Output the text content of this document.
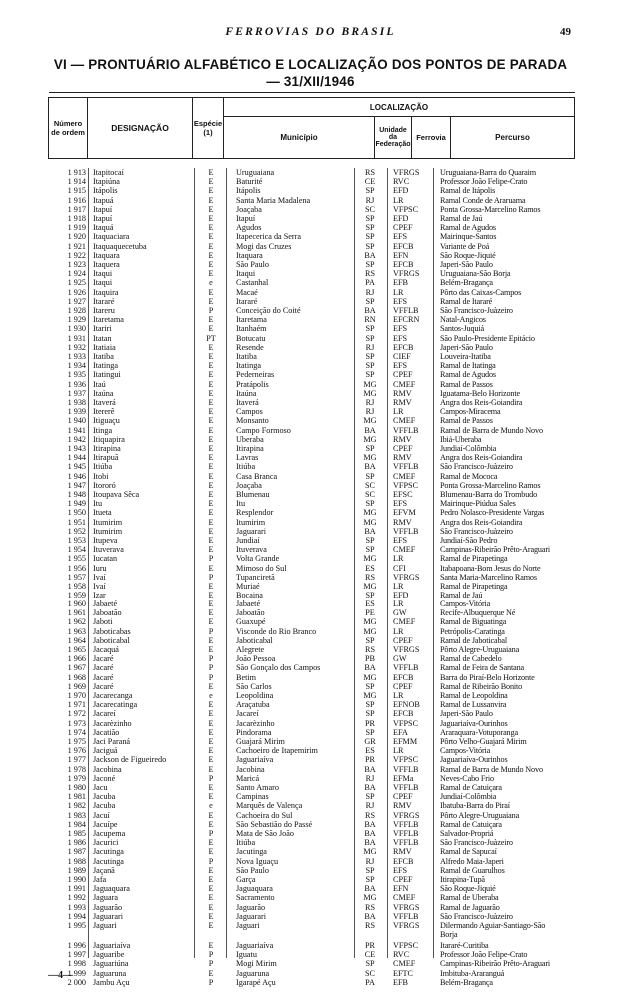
FERROVIAS DO BRASIL	49
VI — PRONTUÁRIO ALFABÉTICO E LOCALIZAÇÃO DOS PONTOS DE PARADA
— 31/XII/1946

Número de ordem	DESIGNAÇÃO	Espécie (1)	LOCALIZAÇÃO			
			Município	Unidade da Federação	Ferrovia	Percurso
1 913 Itapitocaí	E	Uruguaiana	RS	VFRGS	Uruguaiana-Barra do Quaraim
1 914 Itapiúna	E	Baturité	CE	RVC	Professor João Felipe-Crato
1 915 Itápolis	E	Itápolis	SP	EFD	Ramal de Itápolis
1 916 Itapuá	E	Santa Maria Madalena	RJ	LR	Ramal Conde de Araruama
1 917 Itapuí	E	Joaçaba	SC	VFPSC	Ponta Grossa-Marcelino Ramos
1 918 Itapuí	E	Itapuí	SP	EFD	Ramal de Jaú
1 919 Itaquá	E	Agudos	SP	CPEF	Ramal de Agudos
1 920 Itaquaciara	E	Itapecerica da Serra	SP	EFS	Mairinque-Santos
1 921 Itaquaquecetuba	E	Mogi das Cruzes	SP	EFCB	Variante de Poá
1 922 Itaquara	E	Itaquara	BA	EFN	São Roque-Jiquié
1 923 Itaquera	E	São Paulo	SP	EFCB	Japeri-São Paulo
1 924 Itaqui	E	Itaqui	RS	VFRGS	Uruguaiana-São Borja
1 925 Itaqui	e	Castanhal	PA	EFB	Belém-Bragança
1 926 Itaquira	E	Macaé	RJ	LR	Pôrto das Caixas-Campos
1 927 Itararé	E	Itararé	SP	EFS	Ramal de Itararé
1 928 Itareru	P	Conceição do Coité	BA	VFFLB	São Francisco-Juàzeiro
1 929 Itaretama	E	Itaretama	RN	EFCRN	Natal-Angicos
1 930 Itariri	E	Itanhaém	SP	EFS	Santos-Juquiá
1 931 Itatan	PT	Botucatu	SP	EFS	São Paulo-Presidente Epitácio
1 932 Itatiaia	E	Resende	RJ	EFCB	Japeri-São Paulo
1 933 Itatiba	E	Itatiba	SP	CIEF	Louveira-Itatiba
1 934 Itatinga	E	Itatinga	SP	EFS	Ramal de Itatinga
1 935 Itatingui	E	Pederneiras	SP	CPEF	Ramal de Agudos
1 936 Itaú	E	Pratápolis	MG	CMEF	Ramal de Passos
1 937 Itaúna	E	Itaúna	MG	RMV	Iguatama-Belo Horizonte
1 938 Itaverá	E	Itaverá	RJ	RMV	Angra dos Reis-Goiandira
1 939 Itererê	E	Campos	RJ	LR	Campos-Miracema
1 940 Itiguaçu	E	Monsanto	MG	CMEF	Ramal de Passos
1 941 Itinga	E	Campo Formoso	BA	VFFLB	Ramal de Barra de Mundo Novo
1 942 Itiquapira	E	Uberaba	MG	RMV	Ibiá-Uberaba
1 943 Itirapina	E	Itirapina	SP	CPEF	Jundiaí-Colômbia
1 944 Itirapuã	E	Lavras	MG	RMV	Angra dos Reis-Goiandira
1 945 Itiúba	E	Itiúba	BA	VFFLB	São Francisco-Juàzeiro
1 946 Itobi	E	Casa Branca	SP	CMEF	Ramal de Mococa
1 947 Itororó	E	Joaçaba	SC	VFPSC	Ponta Grossa-Marcelino Ramos
1 948 Itoupava Sêca	E	Blumenau	SC	EFSC	Blumenau-Barra do Trombudo
1 949 Itu	E	Itu	SP	EFS	Mairinque-Piúdua Sales
1 950 Itueta	E	Resplendor	MG	EFVM	Pedro Nolasco-Presidente Vargas
1 951 Itumirim	E	Itumirim	MG	RMV	Angra dos Reis-Goiandira
1 952 Itumirim	E	Jaguarari	BA	VFFLB	São Francisco-Juàzeiro
1 953 Itupeva	E	Jundiaí	SP	EFS	Jundiaí-São Pedro
1 954 Ituverava	E	Ituverava	SP	CMEF	Campinas-Ribeirão Prêto-Araguari
1 955 Iucatan	P	Volta Grande	MG	LR	Ramal de Pirapetinga
1 956 Iuru	E	Mimoso do Sul	ES	CFI	Itabapoana-Bom Jesus do Norte
1 957 Ivaí	P	Tupanciretã	RS	VFRGS	Santa Maria-Marcelino Ramos
1 958 Ivaí	E	Muriaé	MG	LR	Ramal de Pirapetinga
1 959 Izar	E	Bocaina	SP	EFD	Ramal de Jaú
1 960 Jabaeté	E	Jabaeté	ES	LR	Campos-Vitória
1 961 Jaboatão	E	Jaboatão	PE	GW	Recife-Albuquerque Né
1 962 Jaboti	E	Guaxupé	MG	CMEF	Ramal de Biguatinga
1 963 Jaboticabas	P	Visconde do Rio Branco	MG	LR	Petrópolis-Caratinga
1 964 Jaboticabal	E	Jaboticabal	SP	CPEF	Ramal de Jaboticabal
1 965 Jacaquá	E	Alegrete	RS	VFRGS	Pôrto Alegre-Uruguaiana
1 966 Jacaré	P	João Pessoa	PB	GW	Ramal de Cabedelo
1 967 Jacaré	P	São Gonçalo dos Campos	BA	VFFLB	Ramal de Feira de Santana
1 968 Jacaré	P	Betim	MG	EFCB	Barra do Piraí-Belo Horizonte
1 969 Jacaré	E	São Carlos	SP	CPEF	Ramal de Ribeirão Bonito
1 970 Jacarecanga	e	Leopoldina	MG	LR	Ramal de Leopoldina
1 971 Jacarecatinga	E	Araçatuba	SP	EFNOB	Ramal de Lussanvira
1 972 Jacareí	E	Jacareí	SP	EFCB	Japeri-São Paulo
1 973 Jacarèzinho	E	Jacarèzinho	PR	VFPSC	Jaguariaíva-Ourinhos
1 974 Jacatião	E	Pindorama	SP	EFA	Araraquara-Votuporanga
1 975 Jaci Paraná	E	Guajará Mirim	GR	EFMM	Pôrto Velho-Guajará Mirim
1 976 Jaciguá	E	Cachoeiro de Itapemirim	ES	LR	Campos-Vitória
1 977 Jackson de Figueiredo	E	Jaguariaíva	PR	VFPSC	Jaguariaíva-Ourinhos
1 978 Jacobina	E	Jacobina	BA	VFFLB	Ramal de Barra de Mundo Novo
1 979 Jaconé	P	Maricá	RJ	EFMa	Neves-Cabo Frio
1 980 Jacu	E	Santo Amaro	BA	VFFLB	Ramal de Catuiçara
1 981 Jacuba	E	Campinas	SP	CPEF	Jundiaí-Colômbia
1 982 Jacuba	e	Marquês de Valença	RJ	RMV	Ibatuba-Barra do Piraí
1 983 Jacuí	E	Cachoeira do Sul	RS	VFRGS	Pôrto Alegre-Uruguaiana
1 984 Jacuípe	E	São Sebastião do Passé	BA	VFFLB	Ramal de Catuiçara
1 985 Jacupema	P	Mata de São João	BA	VFFLB	Salvador-Propriá
1 986 Jacurici	E	Itiúba	BA	VFFLB	São Francisco-Juàzeiro
1 987 Jacutinga	E	Jacutinga	MG	RMV	Ramal de Sapucaí
1 988 Jacutinga	P	Nova Iguaçu	RJ	EFCB	Alfredo Maia-Japeri
1 989 Jaçanã	E	São Paulo	SP	EFS	Ramal de Guarulhos
1 990 Jafa	E	Garça	SP	CPEF	Itirapina-Tupã
1 991 Jaguaquara	E	Jaguaquara	BA	EFN	São Roque-Jiquié
1 992 Jaguara	E	Sacramento	MG	CMEF	Ramal de Uberaba
1 993 Jaguarão	E	Jaguarão	RS	VFRGS	Ramal de Jaguarão
1 994 Jaguarari	E	Jaguarari	BA	VFFLB	São Francisco-Juàzeiro
1 995 Jaguari	E	Jaguari	RS	VFRGS	Dilermando Aguiar-Santiago-São
Borja
1 996 Jaguariaíva	E	Jaguariaíva	PR	VFPSC	Itararé-Curitiba
1 997 Jaguaribe	P	Iguatu	CE	RVC	Professor João Felipe-Crato
1 998 Jaguariúna	P	Mogi Mirim	SP	CMEF	Campinas-Ribeirão Prêto-Araguari
1 999 Jaguaruna	E	Jaguaruna	SC	EFTC	Imbituba-Araranguá
2 000 Jambu Açu	P	Igarapé Açu	PA	EFB	Belém-Bragança
—4—
